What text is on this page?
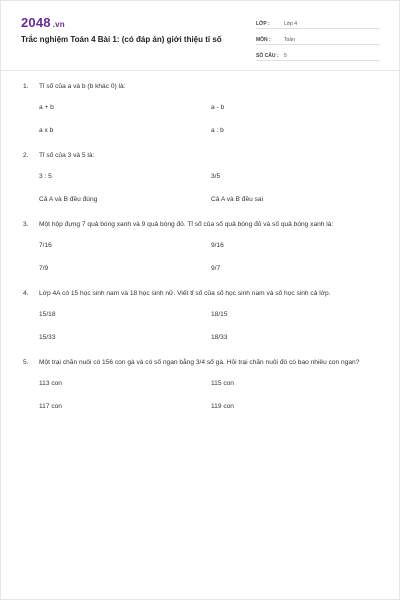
2048 .vn
Trắc nghiệm Toán 4 Bài 1: (có đáp án) giới thiệu tỉ số
LỚP :	Lớp 4
MÔN :	Toán
SỐ CÂU :	5
1.	Tỉ số của a và b (b khác 0) là:
a + b	a - b
a x b	a : b
2.	Tỉ số của 3 và 5 là:
3 : 5	3/5
Cả A và B đều đúng	Cả A và B đều sai
3.	Một hộp đựng 7 quả bóng xanh và 9 quả bóng đỏ. Tỉ số của số quả bóng đỏ và số quả bóng xanh là:
7/16	9/16
7/9	9/7
4.	Lớp 4A có 15 học sinh nam và 18 học sinh nữ. Viết tỉ số của số học sinh nam và số học sinh cả lớp.
15/18	18/15
15/33	18/33
5.	Một trại chăn nuôi có 156 con gà và có số ngan bằng 3/4 số gà. Hỏi trại chăn nuôi đó có bao nhiêu con ngan?
113 con	115 con
117 con	119 con
